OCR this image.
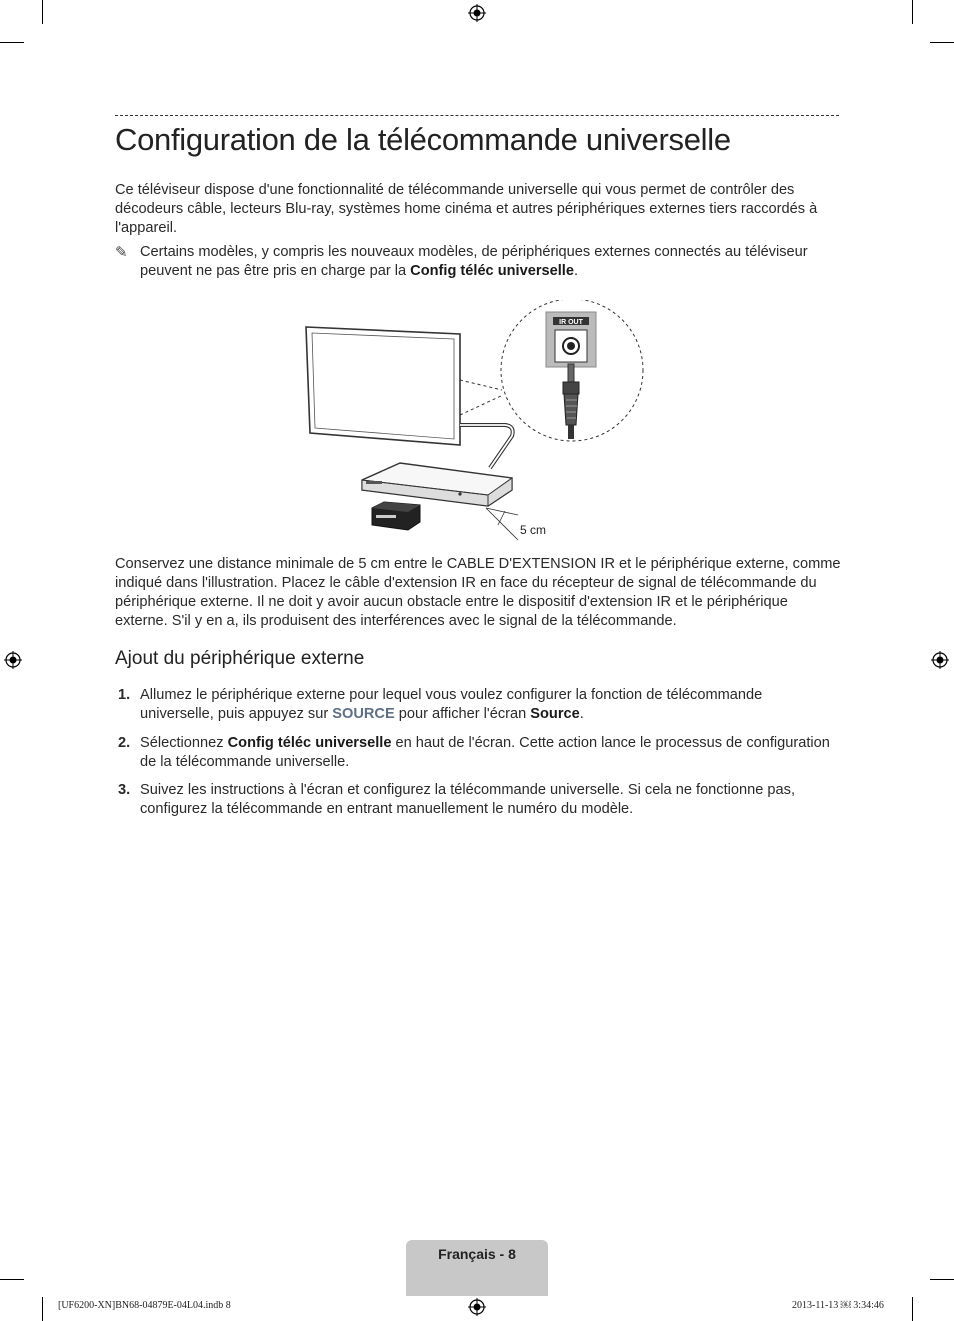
Configuration de la télécommande universelle

Ce téléviseur dispose d'une fonctionnalité de télécommande universelle qui vous permet de contrôler des décodeurs câble, lecteurs Blu-ray, systèmes home cinéma et autres périphériques externes tiers raccordés à l'appareil.

✎ Certains modèles, y compris les nouveaux modèles, de périphériques externes connectés au téléviseur peuvent ne pas être pris en charge par la Config téléc universelle.
5 cm
IR OUT

Conservez une distance minimale de 5 cm entre le CABLE D'EXTENSION IR et le périphérique externe, comme indiqué dans l'illustration. Placez le câble d'extension IR en face du récepteur de signal de télécommande du périphérique externe. Il ne doit y avoir aucun obstacle entre le dispositif d'extension IR et le périphérique externe. S'il y en a, ils produisent des interférences avec le signal de la télécommande.

Ajout du périphérique externe
1. Allumez le périphérique externe pour lequel vous voulez configurer la fonction de télécommande universelle, puis appuyez sur SOURCE pour afficher l'écran Source.
2. Sélectionnez Config téléc universelle en haut de l'écran. Cette action lance le processus de configuration de la télécommande universelle.
3. Suivez les instructions à l'écran et configurez la télécommande universelle. Si cela ne fonctionne pas, configurez la télécommande en entrant manuellement le numéro du modèle.
Français - 8
[UF6200-XN]BN68-04879E-04L04.indb 8	2013-11-13 ￼ 3:34:46
